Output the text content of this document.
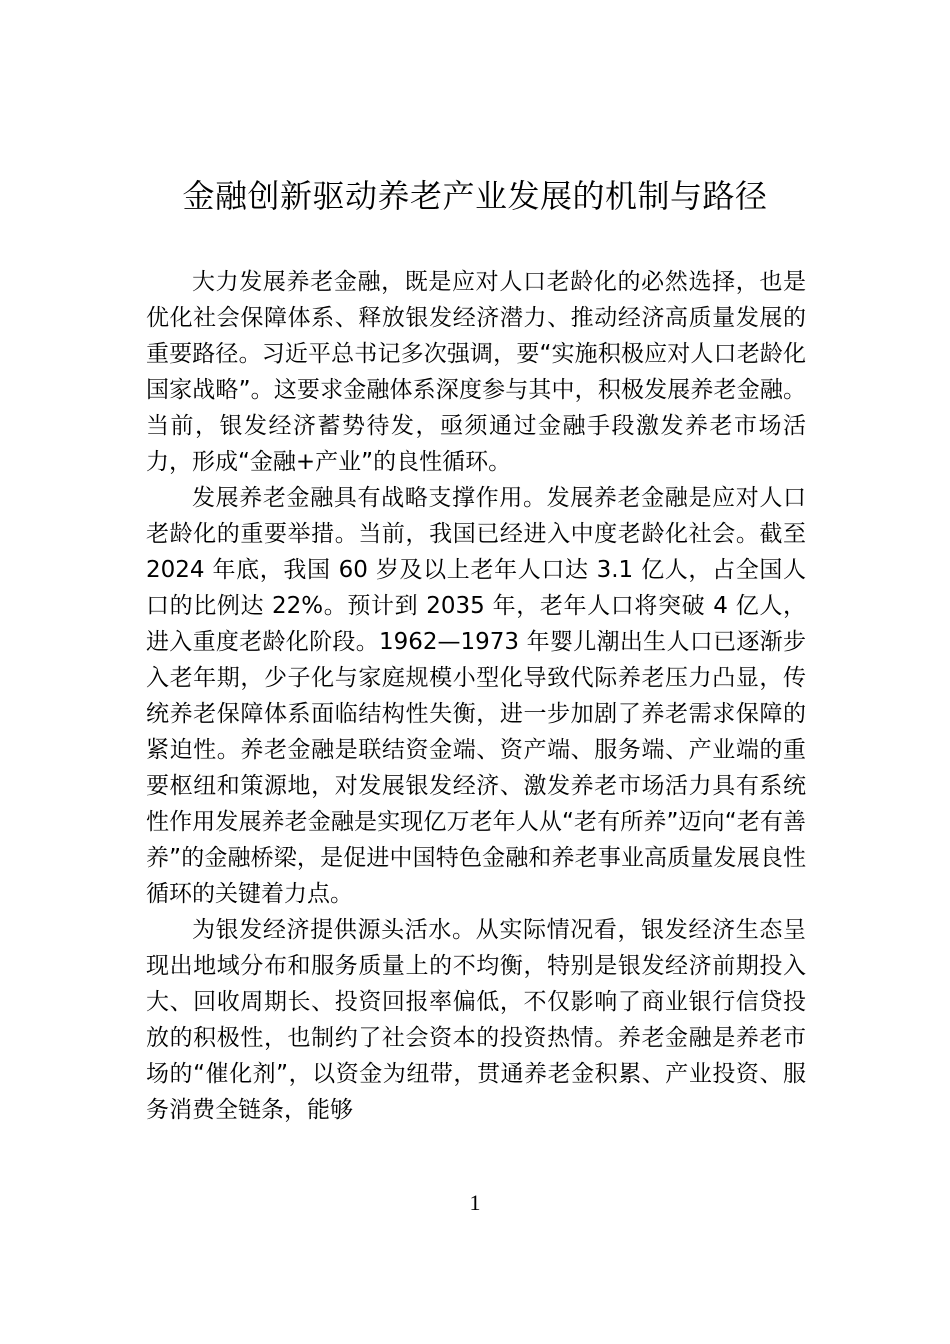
金融创新驱动养老产业发展的机制与路径

大力发展养老金融，既是应对人口老龄化的必然选择，也是优化社会保障体系、释放银发经济潜力、推动经济高质量发展的重要路径。习近平总书记多次强调，要“实施积极应对人口老龄化国家战略”。这要求金融体系深度参与其中，积极发展养老金融。当前，银发经济蓄势待发，亟须通过金融手段激发养老市场活力，形成“金融+产业”的良性循环。

发展养老金融具有战略支撑作用。发展养老金融是应对人口老龄化的重要举措。当前，我国已经进入中度老龄化社会。截至 2024 年底，我国 60 岁及以上老年人口达 3.1 亿人，占全国人口的比例达 22%。预计到 2035 年，老年人口将突破 4 亿人，进入重度老龄化阶段。1962—1973 年婴儿潮出生人口已逐渐步入老年期，少子化与家庭规模小型化导致代际养老压力凸显，传统养老保障体系面临结构性失衡，进一步加剧了养老需求保障的紧迫性。养老金融是联结资金端、资产端、服务端、产业端的重要枢纽和策源地，对发展银发经济、激发养老市场活力具有系统性作用发展养老金融是实现亿万老年人从“老有所养”迈向“老有善养”的金融桥梁，是促进中国特色金融和养老事业高质量发展良性循环的关键着力点。

为银发经济提供源头活水。从实际情况看，银发经济生态呈现出地域分布和服务质量上的不均衡，特别是银发经济前期投入大、回收周期长、投资回报率偏低，不仅影响了商业银行信贷投放的积极性，也制约了社会资本的投资热情。养老金融是养老市场的“催化剂”，以资金为纽带，贯通养老金积累、产业投资、服务消费全链条，能够

1
